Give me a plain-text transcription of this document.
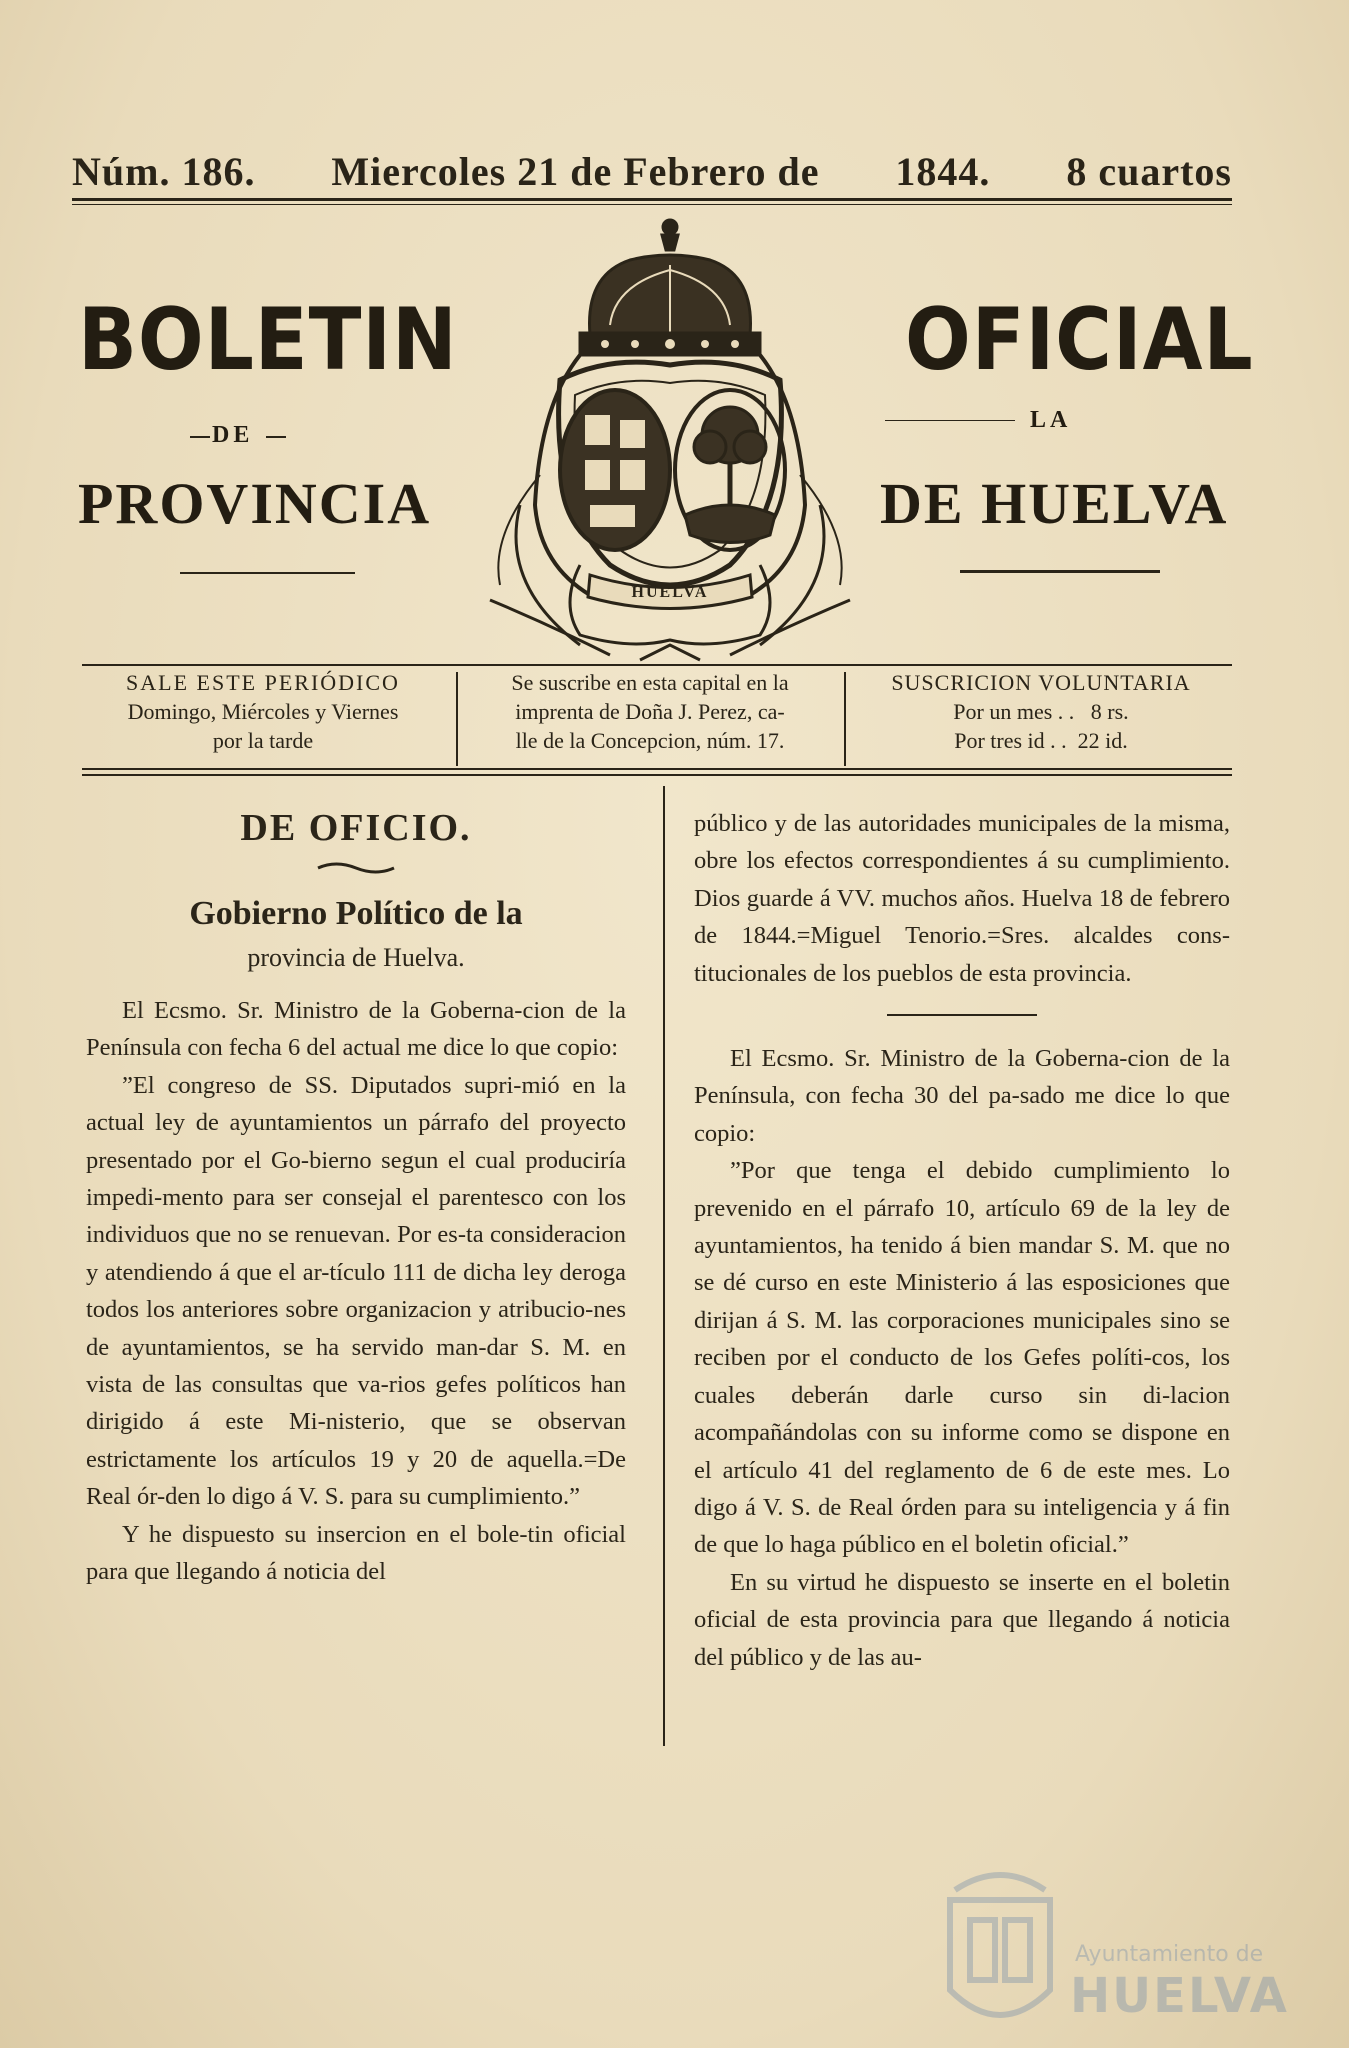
Núm. 186. Miercoles 21 de Febrero de 1844. 8 cuartos
BOLETIN
DE
PROVINCIA
OFICIAL
LA
DE HUELVA
HUELVA
SALE ESTE PERIÓDICO
Domingo, Miércoles y Viernes
por la tarde
Se suscribe en esta capital en la
imprenta de Doña J. Perez, ca-
lle de la Concepcion, núm. 17.
SUSCRICION VOLUNTARIA
Por un mes . .   8 rs.
Por tres id . .  22 id.

DE OFICIO.

Gobierno Político de la

provincia de Huelva.

El Ecsmo. Sr. Ministro de la Goberna-cion de la Península con fecha 6 del actual me dice lo que copio:

”El congreso de SS. Diputados supri-mió en la actual ley de ayuntamientos un párrafo del proyecto presentado por el Go-bierno segun el cual produciría impedi-mento para ser consejal el parentesco con los individuos que no se renuevan. Por es-ta consideracion y atendiendo á que el ar-tículo 111 de dicha ley deroga todos los anteriores sobre organizacion y atribucio-nes de ayuntamientos, se ha servido man-dar S. M. en vista de las consultas que va-rios gefes políticos han dirigido á este Mi-nisterio, que se observan estrictamente los artículos 19 y 20 de aquella.=De Real ór-den lo digo á V. S. para su cumplimiento.”

Y he dispuesto su insercion en el bole-tin oficial para que llegando á noticia del

público y de las autoridades municipales de la misma, obre los efectos correspondientes á su cumplimiento. Dios guarde á VV. muchos años. Huelva 18 de febrero de 1844.=Miguel Tenorio.=Sres. alcaldes cons-titucionales de los pueblos de esta provincia.

El Ecsmo. Sr. Ministro de la Goberna-cion de la Península, con fecha 30 del pa-sado me dice lo que copio:

”Por que tenga el debido cumplimiento lo prevenido en el párrafo 10, artículo 69 de la ley de ayuntamientos, ha tenido á bien mandar S. M. que no se dé curso en este Ministerio á las esposiciones que dirijan á S. M. las corporaciones municipales sino se reciben por el conducto de los Gefes políti-cos, los cuales deberán darle curso sin di-lacion acompañándolas con su informe como se dispone en el artículo 41 del reglamento de 6 de este mes. Lo digo á V. S. de Real órden para su inteligencia y á fin de que lo haga público en el boletin oficial.”

En su virtud he dispuesto se inserte en el boletin oficial de esta provincia para que llegando á noticia del público y de las au-

Ayuntamiento de
HUELVA
